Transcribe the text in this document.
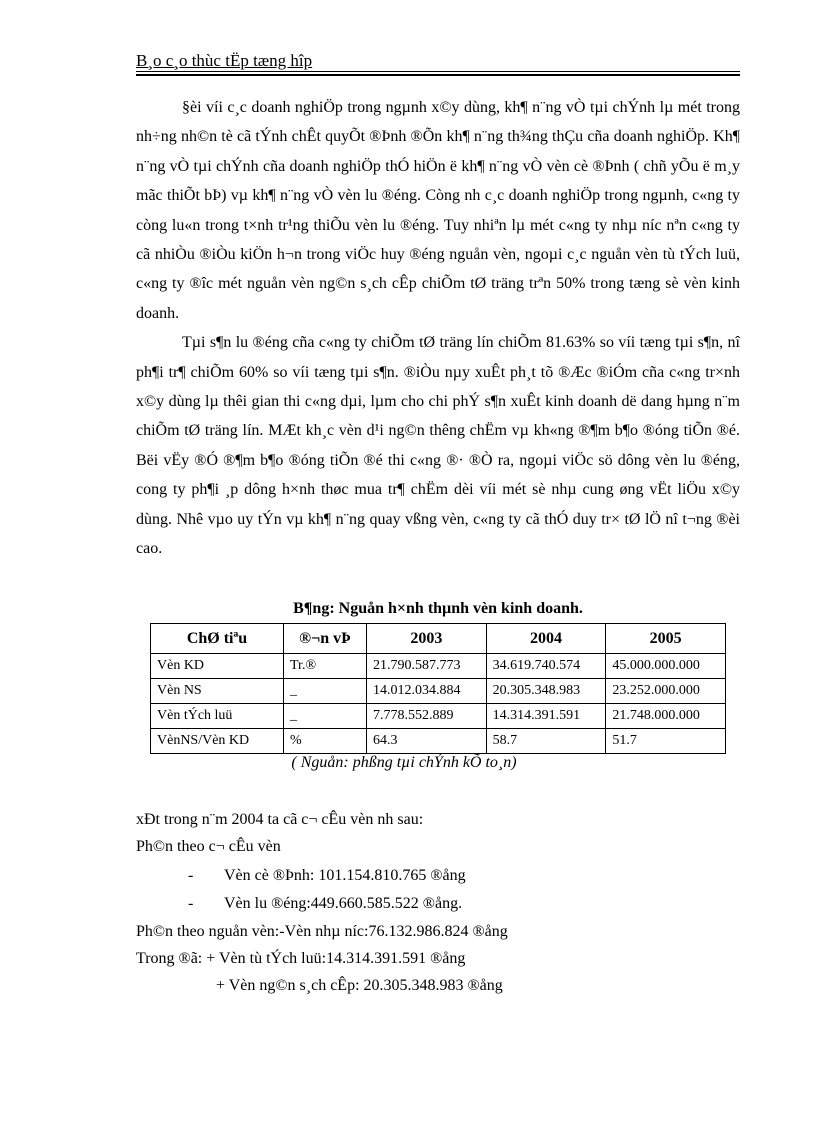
B¸o c¸o thùc tËp tæng hîp

§èi víi c¸c doanh nghiÖp trong ngµnh x©y dùng, kh¶ n¨ng vÒ tµi chÝnh lµ mét trong nh÷ng nh©n tè cã tÝnh chÊt quyÕt ®Þnh ®Õn kh¶ n¨ng th¾ng thÇu cña doanh nghiÖp. Kh¶ n¨ng vÒ tµi chÝnh cña doanh nghiÖp thÓ hiÖn ë kh¶ n¨ng vÒ vèn cè ®Þnh ( chñ yÕu ë m¸y mãc thiÕt bÞ) vµ kh¶ n¨ng vÒ vèn lu ®éng. Còng nh c¸c doanh nghiÖp trong ngµnh, c«ng ty còng lu«n trong t×nh tr¹ng thiÕu vèn lu ®éng. Tuy nhiªn lµ mét c«ng ty nhµ níc nªn c«ng ty cã nhiÒu ®iÒu kiÖn h¬n trong viÖc huy ®éng nguån vèn, ngoµi c¸c nguån vèn tù tÝch luü, c«ng ty ®îc mét nguån vèn ng©n s¸ch cÊp chiÕm tØ träng trªn 50% trong tæng sè vèn kinh doanh.

Tµi s¶n lu ®éng cña c«ng ty chiÕm tØ träng lín chiÕm 81.63% so víi tæng tµi s¶n, nî ph¶i tr¶ chiÕm 60% so víi tæng tµi s¶n. ®iÒu nµy xuÊt ph¸t tõ ®Æc ®iÓm cña c«ng tr×nh x©y dùng lµ thêi gian thi c«ng dµi, lµm cho chi phÝ s¶n xuÊt kinh doanh dë dang hµng n¨m chiÕm tØ träng lín. MÆt kh¸c vèn d¹i ng©n thêng chËm vµ kh«ng ®¶m b¶o ®óng tiÕn ®é. Bëi vËy ®Ó ®¶m b¶o ®óng tiÕn ®é thi c«ng ®· ®Ò ra, ngoµi viÖc sö dông vèn lu ®éng, cong ty ph¶i ¸p dông h×nh thøc mua tr¶ chËm dèi víi mét sè nhµ cung øng vËt liÖu x©y dùng. Nhê vµo uy tÝn vµ kh¶ n¨ng quay vßng vèn, c«ng ty cã thÓ duy tr× tØ lÖ nî t¬ng ®èi cao.

B¶ng: Nguån h×nh thµnh vèn kinh doanh.
ChØ tiªu	®¬n vÞ	2003	2004	2005
Vèn KD	Tr.®	21.790.587.773	34.619.740.574	45.000.000.000
Vèn NS	_	14.012.034.884	20.305.348.983	23.252.000.000
Vèn tÝch luü	_	7.778.552.889	14.314.391.591	21.748.000.000
VènNS/Vèn KD	%	64.3	58.7	51.7
( Nguån: phßng tµi chÝnh kÕ to¸n)
xÐt trong n¨m 2004 ta cã c¬ cÊu vèn nh sau:
Ph©n theo c¬ cÊu vèn
- Vèn cè ®Þnh: 101.154.810.765 ®ång
- Vèn lu ®éng:449.660.585.522 ®ång.
Ph©n theo nguån vèn:-Vèn nhµ níc:76.132.986.824 ®ång
Trong ®ã: + Vèn tù tÝch luü:14.314.391.591 ®ång
+ Vèn ng©n s¸ch cÊp: 20.305.348.983 ®ång
